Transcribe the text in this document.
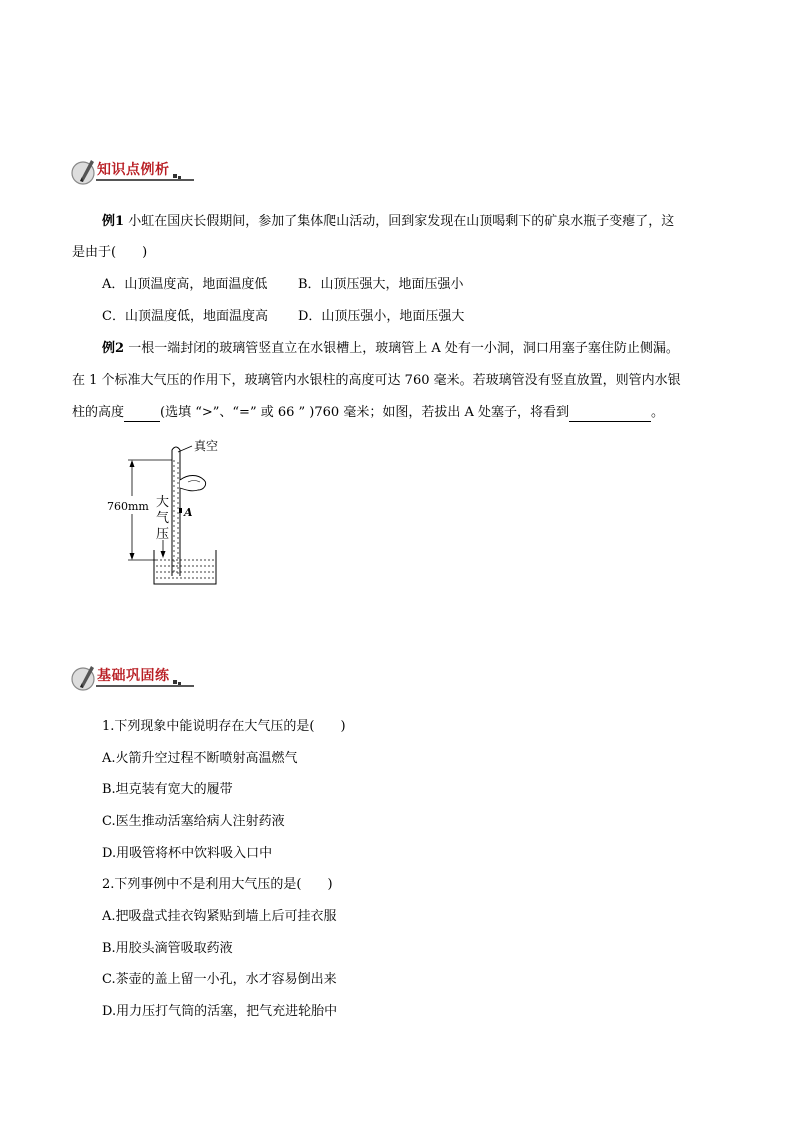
知识点例析
例1 小虹在国庆长假期间，参加了集体爬山活动，回到家发现在山顶喝剩下的矿泉水瓶子变瘪了，这
是由于(　　)
A．山顶温度高，地面温度低 B．山顶压强大，地面压强小
C．山顶温度低，地面温度高 D．山顶压强小，地面压强大
例2 一根一端封闭的玻璃管竖直立在水银槽上，玻璃管上 A 处有一小洞，洞口用塞子塞住防止侧漏。
在 1 个标准大气压的作用下，玻璃管内水银柱的高度可达 760 毫米。若玻璃管没有竖直放置，则管内水银
柱的高度	(选填 “>”、“=” 或 66 ” )760 毫米；如图，若拔出 A 处塞子，将看到	。
真空
760mm 大
气
压
A
基础巩固练
1.下列现象中能说明存在大气压的是(　　)
A.火箭升空过程不断喷射高温燃气
B.坦克装有宽大的履带
C.医生推动活塞给病人注射药液
D.用吸管将杯中饮料吸入口中
2.下列事例中不是利用大气压的是(　　)
A.把吸盘式挂衣钩紧贴到墙上后可挂衣服
B.用胶头滴管吸取药液
C.茶壶的盖上留一小孔，水才容易倒出来
D.用力压打气筒的活塞，把气充进轮胎中
